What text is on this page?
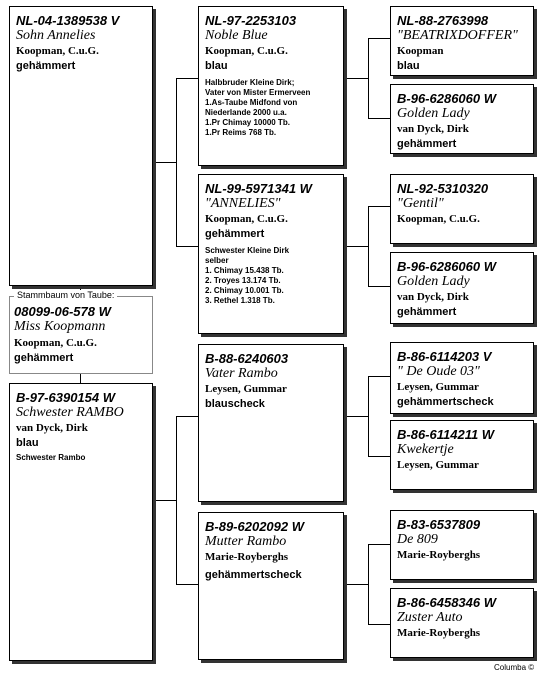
Stammbaum von Taube:
NL-04-1389538 V
Sohn Annelies
Koopman, C.u.G.
gehämmert
08099-06-578 W
Miss Koopmann
Koopman, C.u.G.
gehämmert
B-97-6390154 W
Schwester RAMBO
van Dyck, Dirk
blau
Schwester Rambo
NL-97-2253103
Noble Blue
Koopman, C.u.G.
blau
Halbbruder Kleine Dirk;
Vater von Mister Ermerveen
1.As-Taube Midfond von
Niederlande 2000 u.a.
1.Pr Chimay 10000 Tb.
1.Pr Reims 768 Tb.
NL-99-5971341 W
"ANNELIES"
Koopman, C.u.G.
gehämmert
Schwester Kleine Dirk
selber
1. Chimay 15.438 Tb.
2. Troyes 13.174 Tb.
2. Chimay 10.001 Tb.
3. Rethel 1.318 Tb.
B-88-6240603
Vater Rambo
Leysen, Gummar
blauscheck
B-89-6202092 W
Mutter Rambo
Marie-Royberghs
gehämmertscheck
NL-88-2763998
"BEATRIXDOFFER"
Koopman
blau
B-96-6286060 W
Golden Lady
van Dyck, Dirk
gehämmert
NL-92-5310320
"Gentil"
Koopman, C.u.G.
B-96-6286060 W
Golden Lady
van Dyck, Dirk
gehämmert
B-86-6114203 V
" De Oude 03"
Leysen, Gummar
gehämmertscheck
B-86-6114211 W
Kwekertje
Leysen, Gummar
B-83-6537809
De 809
Marie-Royberghs
B-86-6458346 W
Zuster Auto
Marie-Royberghs
Columba ©
